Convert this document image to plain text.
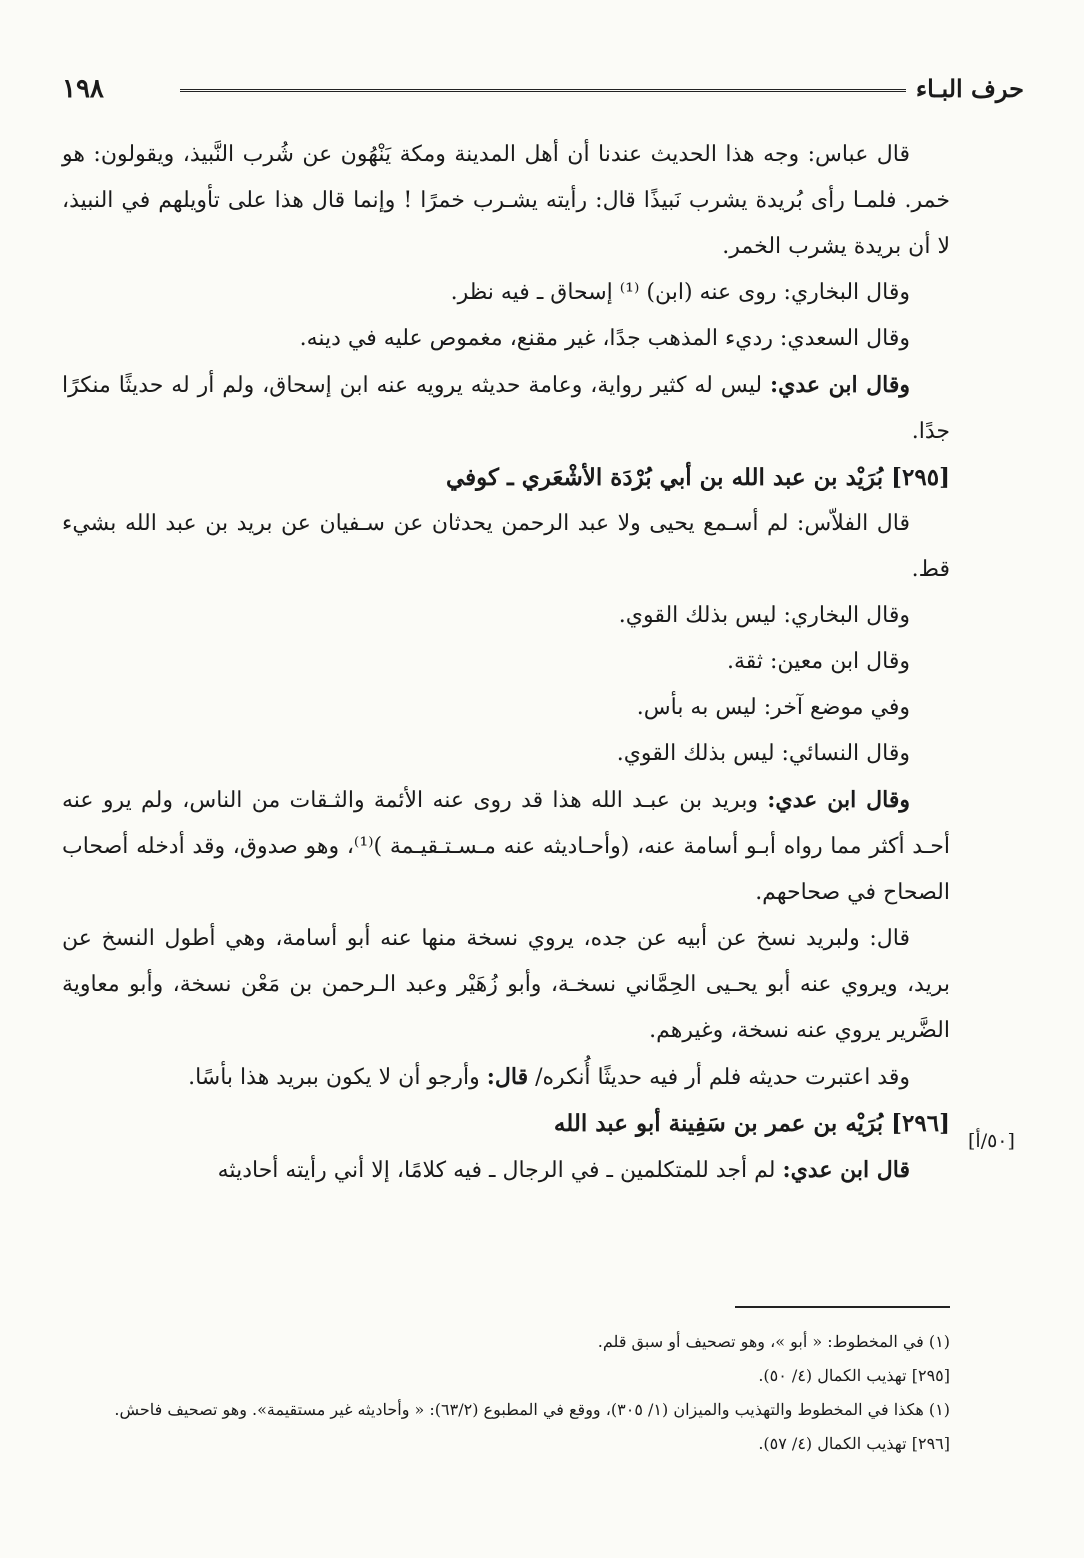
حرف البـاء
١٩٨

قال عباس: وجه هذا الحديث عندنا أن أهل المدينة ومكة يَنْهُون عن شُرب النَّبيذ، ويقولون: هو خمر. فلمـا رأى بُريدة يشرب نَبيذًا قال: رأيته يشـرب خمرًا ! وإنما قال هذا على تأويلهم في النبيذ، لا أن بريدة يشرب الخمر.

وقال البخاري: روى عنه (ابن) ⁽¹⁾ إسحاق ـ فيه نظر.

وقال السعدي: رديء المذهب جدًا، غير مقنع، مغموص عليه في دينه.

وقال ابن عدي: ليس له كثير رواية، وعامة حديثه يرويه عنه ابن إسحاق، ولم أر له حديثًا منكرًا جدًا.

[٢٩٥] بُرَيْد بن عبد الله بن أبي بُرْدَة الأشْعَري ـ كوفي

قال الفلاّس: لم أسـمع يحيى ولا عبد الرحمن يحدثان عن سـفيان عن بريد بن عبد الله بشيء قط.

وقال البخاري: ليس بذلك القوي.

وقال ابن معين: ثقة.

وفي موضع آخر: ليس به بأس.

وقال النسائي: ليس بذلك القوي.

وقال ابن عدي: وبريد بن عبـد الله هذا قد روى عنه الأئمة والثـقات من الناس، ولم يرو عنه أحـد أكثر مما رواه أبـو أسامة عنه، (وأحـاديثه عنه مـسـتـقيـمة )⁽¹⁾، وهو صدوق، وقد أدخله أصحاب الصحاح في صحاحهم.

قال: ولبريد نسخ عن أبيه عن جده، يروي نسخة منها عنه أبو أسامة، وهي أطول النسخ عن بريد، ويروي عنه أبو يحـيى الحِمَّاني نسخـة، وأبو زُهَيْر وعبد الـرحمن بن مَعْن نسخة، وأبو معاوية الضَّرير يروي عنه نسخة، وغيرهم.

وقد اعتبرت حديثه فلم أر فيه حديثًا أُنكره/ قال: وأرجو أن لا يكون ببريد هذا بأسًا.

[٢٩٦] بُرَيْه بن عمر بن سَفِينة أبو عبد الله

قال ابن عدي: لم أجد للمتكلمين ـ في الرجال ـ فيه كلامًا، إلا أني رأيته أحاديثه

[٥٠/أ]

(١) في المخطوط: « أبو »، وهو تصحيف أو سبق قلم.

[٢٩٥] تهذيب الكمال (٤/ ٥٠).

(١) هكذا في المخطوط والتهذيب والميزان (١/ ٣٠٥)، ووقع في المطبوع (٦٣/٢): « وأحاديثه غير مستقيمة». وهو تصحيف فاحش.

[٢٩٦] تهذيب الكمال (٤/ ٥٧).
